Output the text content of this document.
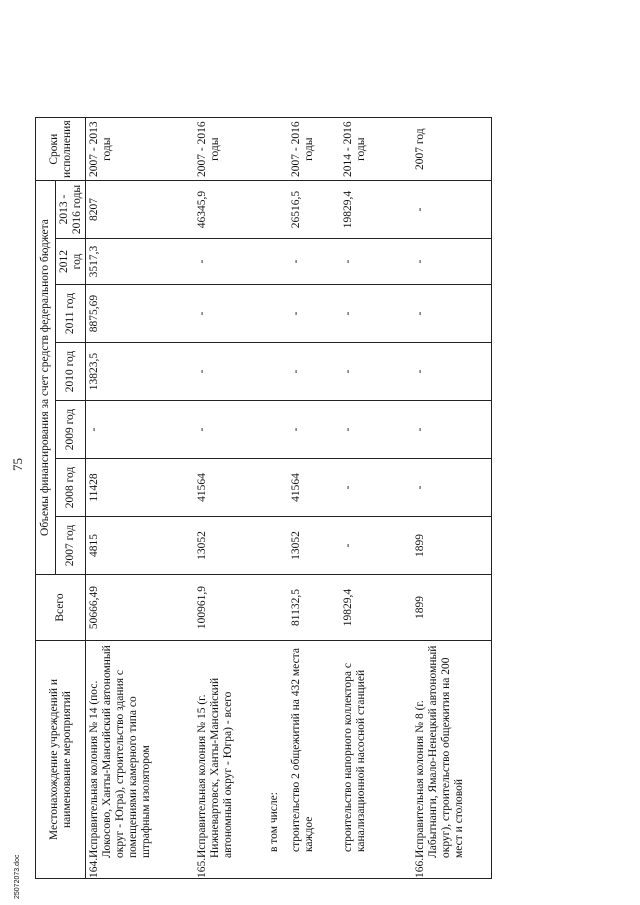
25072073.doc
75
Местонахождение учреждений и наименование мероприятий	Всего	Объемы финансирования за счет средств федерального бюджета							Сроки исполнения
		2007 год	2008 год	2009 год	2010 год	2011 год	2012 год	2013 - 2016 годы	
164.Исправительная колония № 14 (пос. Локосово, Ханты-Мансийский автономный округ - Югра), строительство здания с помещениями камерного типа со штрафным изолятором	50666,49	4815	11428	-	13823,5	8875,69	3517,3	8207	2007 - 2013 годы
165.Исправительная колония № 15 (г. Нижневартовск, Ханты-Мансийский автономный округ - Югра) - всего	100961,9	13052	41564	-	-	-	-	46345,9	2007 - 2016 годы
в том числе:									
строительство 2 общежитий на 432 места каждое	81132,5	13052	41564	-	-	-	-	26516,5	2007 - 2016 годы
строительство напорного коллектора с канализационной насосной станцией	19829,4	-	-	-	-	-	-	19829,4	2014 - 2016 годы
166.Исправительная колония № 8 (г. Лабытнанги, Ямало-Ненецкий автономный округ), строительство общежития на 200 мест и столовой	1899	1899	-	-	-	-	-	-	2007 год
